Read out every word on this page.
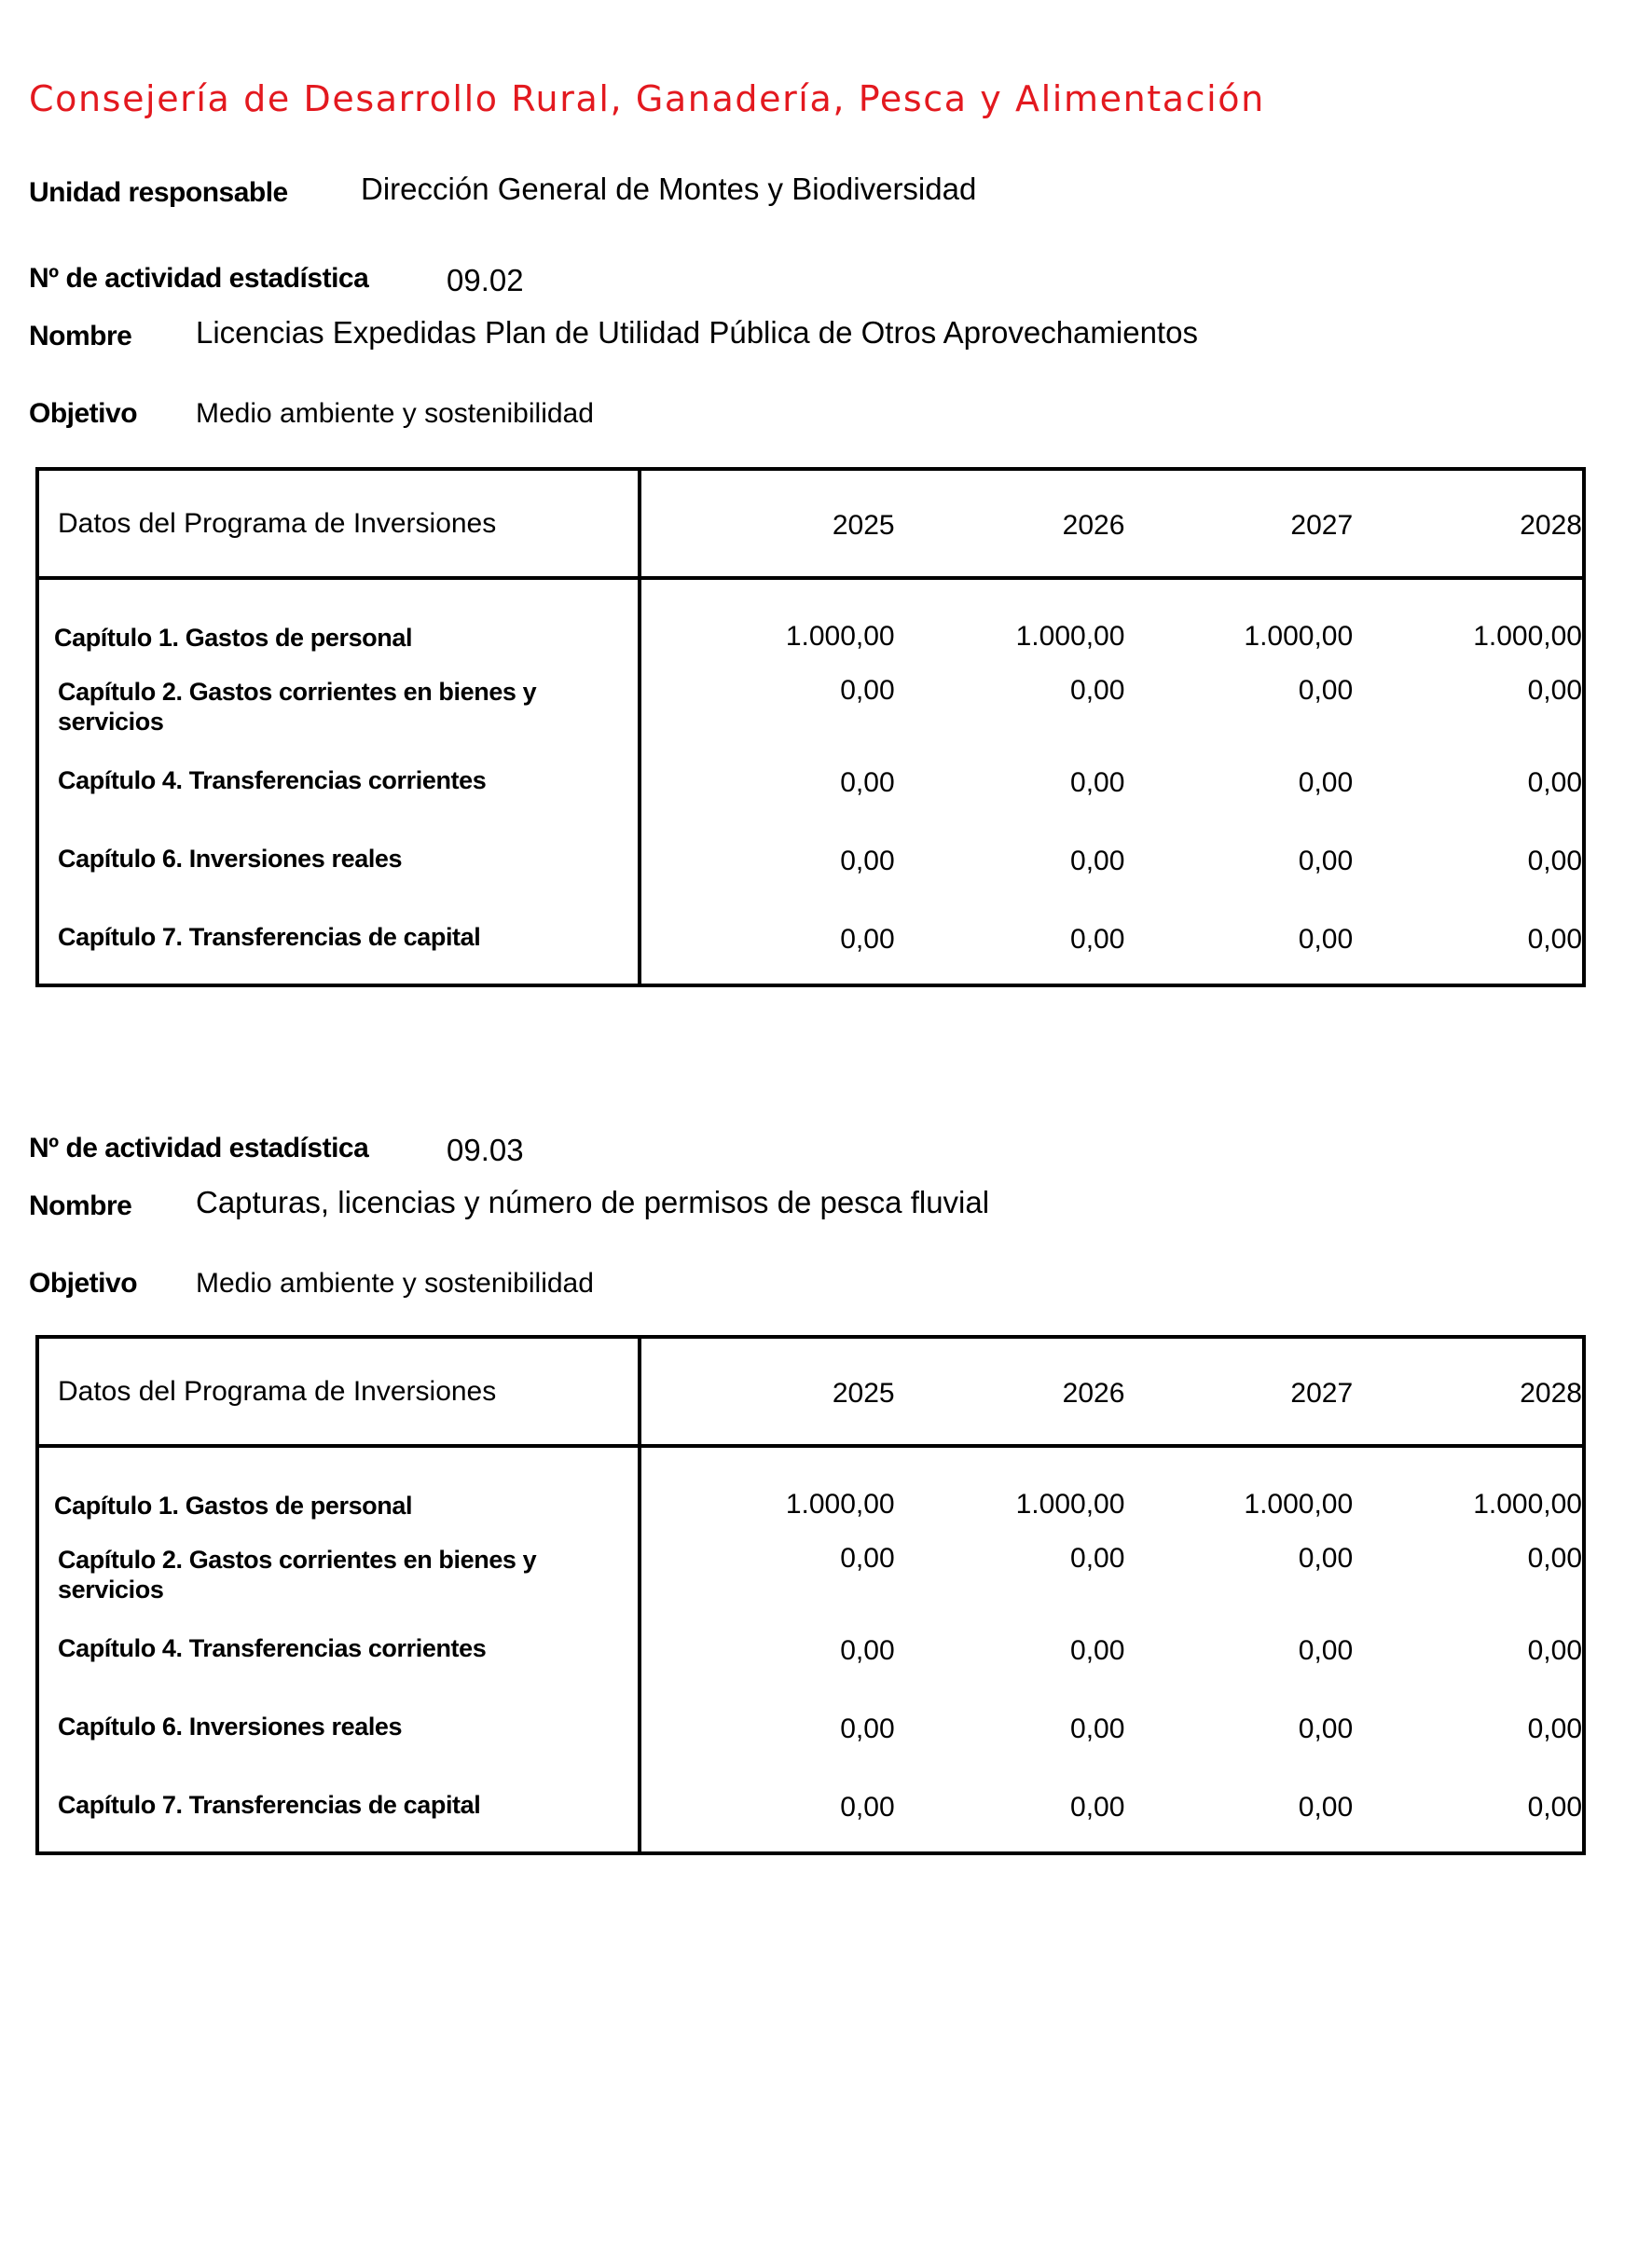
Consejería de Desarrollo Rural, Ganadería, Pesca y Alimentación
Unidad responsable Dirección General de Montes y Biodiversidad
Nº de actividad estadística	09.02
Nombre Licencias Expedidas Plan de Utilidad Pública de Otros Aprovechamientos
Objetivo Medio ambiente y sostenibilidad
Datos del Programa de Inversiones	2025	2026	2027	2028
Capítulo 1. Gastos de personal	1.000,00	1.000,00	1.000,00	1.000,00

Capítulo 2. Gastos corrientes en bienes y
servicios	0,00	0,00	0,00	0,00
Capítulo 4. Transferencias corrientes	0,00	0,00	0,00	0,00
Capítulo 6. Inversiones reales	0,00	0,00	0,00	0,00
Capítulo 7. Transferencias de capital	0,00	0,00	0,00	0,00
Nº de actividad estadística	09.03
Nombre Capturas, licencias y número de permisos de pesca fluvial
Objetivo Medio ambiente y sostenibilidad
Datos del Programa de Inversiones	2025	2026	2027	2028
Capítulo 1. Gastos de personal	1.000,00	1.000,00	1.000,00	1.000,00

Capítulo 2. Gastos corrientes en bienes y
servicios	0,00	0,00	0,00	0,00
Capítulo 4. Transferencias corrientes	0,00	0,00	0,00	0,00
Capítulo 6. Inversiones reales	0,00	0,00	0,00	0,00
Capítulo 7. Transferencias de capital	0,00	0,00	0,00	0,00
